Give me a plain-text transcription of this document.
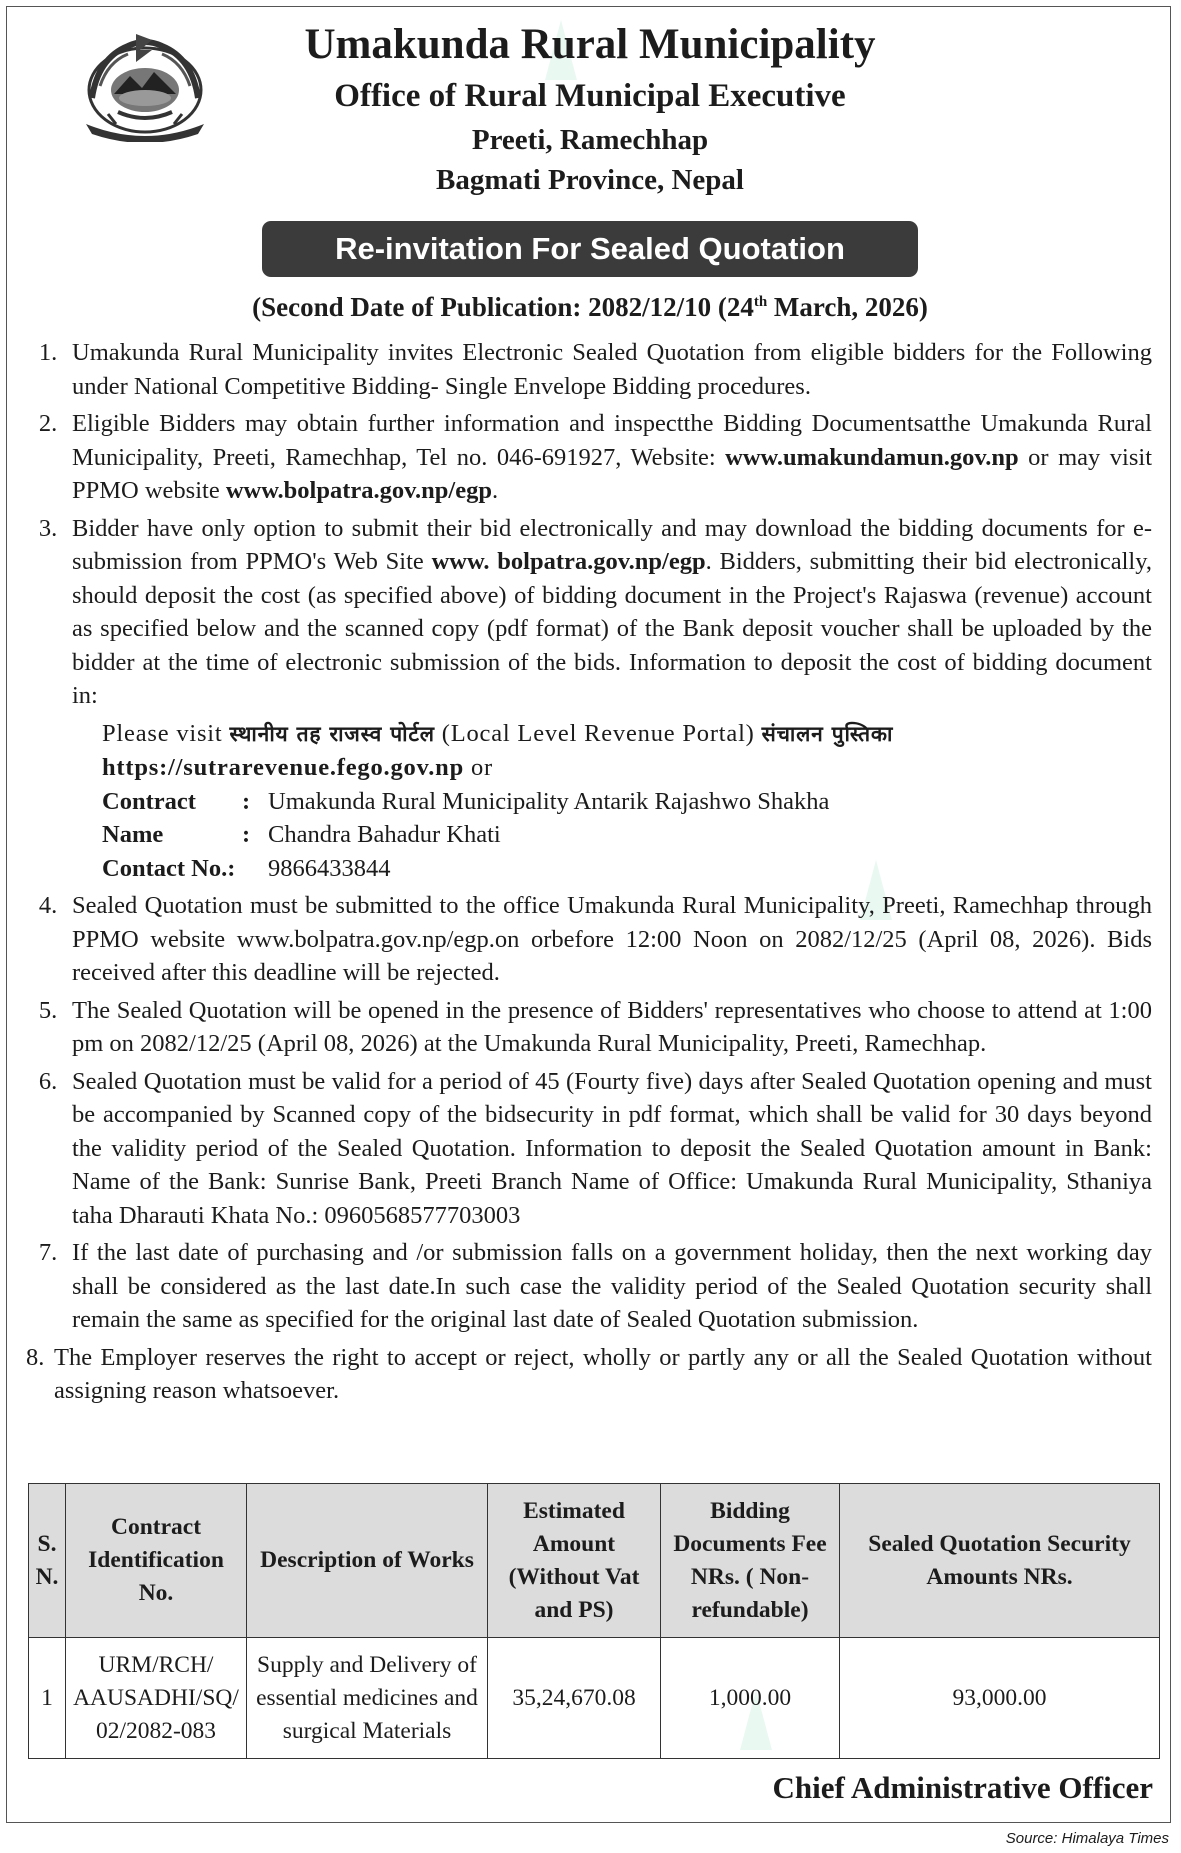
Umakunda Rural Municipality
Office of Rural Municipal Executive
Preeti, Ramechhap
Bagmati Province, Nepal
Re-invitation For Sealed Quotation
(Second Date of Publication: 2082/12/10 (24th March, 2026)
1. Umakunda Rural Municipality invites Electronic Sealed Quotation from eligible bidders for the Following under National Competitive Bidding- Single Envelope Bidding procedures.
2. Eligible Bidders may obtain further information and inspectthe Bidding Documentsatthe Umakunda Rural Municipality, Preeti, Ramechhap, Tel no. 046-691927, Website: www.umakundamun.gov.np or may visit PPMO website www.bolpatra.gov.np/egp.
3. Bidder have only option to submit their bid electronically and may download the bidding documents for e-submission from PPMO's Web Site www. bolpatra.gov.np/egp. Bidders, submitting their bid electronically, should deposit the cost (as specified above) of bidding document in the Project's Rajaswa (revenue) account as specified below and the scanned copy (pdf format) of the Bank deposit voucher shall be uploaded by the bidder at the time of electronic submission of the bids. Information to deposit the cost of bidding document in:
Please visit स्थानीय तह राजस्व पोर्टल (Local Level Revenue Portal) संचालन पुस्तिका
https://sutrarevenue.fego.gov.np or
Contract	: Umakunda Rural Municipality Antarik Rajashwo Shakha
Name	: Chandra Bahadur Khati
Contact No.:	9866433844
4. Sealed Quotation must be submitted to the office Umakunda Rural Municipality, Preeti, Ramechhap through PPMO website www.bolpatra.gov.np/egp.on orbefore 12:00 Noon on 2082/12/25 (April 08, 2026). Bids received after this deadline will be rejected.
5. The Sealed Quotation will be opened in the presence of Bidders' representatives who choose to attend at 1:00 pm on 2082/12/25 (April 08, 2026) at the Umakunda Rural Municipality, Preeti, Ramechhap.
6. Sealed Quotation must be valid for a period of 45 (Fourty five) days after Sealed Quotation opening and must be accompanied by Scanned copy of the bidsecurity in pdf format, which shall be valid for 30 days beyond the validity period of the Sealed Quotation. Information to deposit the Sealed Quotation amount in Bank: Name of the Bank: Sunrise Bank, Preeti Branch Name of Office: Umakunda Rural Municipality, Sthaniya taha Dharauti Khata No.: 0960568577703003
7. If the last date of purchasing and /or submission falls on a government holiday, then the next working day shall be considered as the last date.In such case the validity period of the Sealed Quotation security shall remain the same as specified for the original last date of Sealed Quotation submission.
8. The Employer reserves the right to accept or reject, wholly or partly any or all the Sealed Quotation without assigning reason whatsoever.
S. N.	Contract Identification No.	Description of Works	Estimated Amount (Without Vat and PS)	Bidding Documents Fee NRs. ( Non-refundable)	Sealed Quotation Security Amounts NRs.
1	URM/RCH/ AAUSADHI/SQ/ 02/2082-083	Supply and Delivery of essential medicines and surgical Materials	35,24,670.08	1,000.00	93,000.00
Chief Administrative Officer
Source: Himalaya Times
